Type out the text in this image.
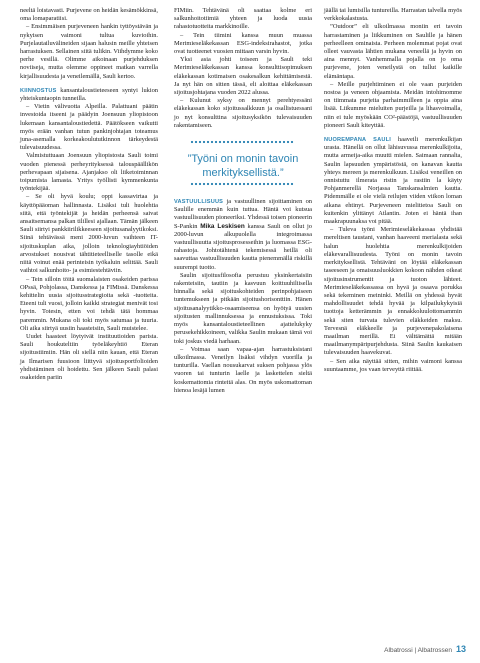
neeltä loistavasti. Purjevene on heidän kesämökkinsä, oma lomaparatiisi.

– Ensimmäisen purjeveneen hankin tyttöystävän ja nykyisen vaimoni tultua kuvioihin. Purjelautailuvälineiden sijaan halusin meille yhteisen harrastuksen. Sellainen siitä tulikin. Viihdymme koko perhe vesillä. Olimme aikoinaan purjehduksen noviiseja, mutta olemme oppineet matkan varrella kirjallisuudesta ja veneilemällä, Sauli kertoo.

KIINNOSTUS kansantaloustieteeseen syntyi lukion yhteiskuntaopin tunneilla.

– Vietin välivuotta Alpeilla. Palattuani päätin investoida itseeni ja päädyin Joensuun yliopistoon lukemaan kansantaloustiedettä. Päätökseen vaikutti myös erään vanhan tutun pankinjohtajan toteamus juna-asemalla korkeakoulututkinnon tärkeydestä tulevaisuudessa.

Valmistuttuaan Joensuun yliopistosta Sauli toimi vuoden pienessä perheyrityksessä talouspäällikön perhevapaan sijaisena. Ajanjakso oli liiketoiminnan toipumista lamasta. Yritys työllisti kymmenkunta työntekijää.

– Se oli hyvä koulu; oppi kassavirtaa ja käyttöpääoman hallinnasta. Lisäksi tuli huolehtia siitä, että työntekijät ja heidän perheensä saivat ansaitsemansa palkan tilillesi ajallaan. Tämän jälkeen Sauli siirtyi pankkiirilikkeeseen sijoitusanalyytikoksi. Siinä tehtävässä meni 2000-luvun vaihteen IT-sijoituskuplan aika, jolloin teknologiayhtiöiden arvostukset nousivat tähtitieteelliselle tasolle eikä niitä voinut enää perinteisin työkaluin selittää. Sauli vaihtoi salkunhoito- ja esimiestehtäviin.

– Tein silloin töitä suomalaisten osakeiden parissa OPssä, Pohjolassa, Danskessa ja FIMissä. Danskessa kehittelin uusia sijoitusstrategioita sekä -tuotteita. Eteeni tuli vuosi, jolloin kaikki strategiat menivät tosi hyvin. Totesin, etten voi tehdä tätä hommaa paremmin. Mukana oli toki myös satumaa ja tuuria. Oli aika siirtyä uusiin haasteisiin, Sauli muistelee.

Uudet haasteet löytyivät instituutioiden parista. Sauli houkuteltiin työeläkeyhtiö Eteran sijoitustiimiin. Hän oli siellä niin kauan, että Eteran ja Ilmarisen fuusioon liittyvä sijoitusportfolioiden yhdistäminen oli hoidettu. Sen jälkeen Sauli palasi osakeiden pariin

FIMiin. Tehtävänä oli saattaa kolme eri salkunhoitotiimiä yhteen ja luoda uusia rahastotuotteita markkinoille.

– Tein tiimini kanssa muun muassa Merimieseläkekassan ESG-indeksirahastot, jotka ovat tuotteenet vuosien mittaan varsin hyvin.

Yksi asia johti toiseen ja Sauli teki Merimieseläkekassan kanssa konsulttisopimuksen eläkekassan kotimaisen osakesalkun kehittämisestä. Ja nyt hän on sitten tässä, eli aloittaa eläkekassan sijoitusjohtajana vuoden 2022 alussa.

– Kulunut syksy on mennyt perehtyessäni eläkekassan koko sijoitussalkkuun ja osallistuessani jo nyt konsulttina sijoitusyksikön tulevaisuuden rakentamiseen.

”Työni on monin tavoin merkityksellistä.”

VASTUULLISUUS ja vastuullinen sijoittaminen on Saulille enemmän kuin tuttua. Häntä voi kutsua vastuullisuuden pioneeriksi. Yhdessä toisen pioneerin S-Pankin Mika Leskisen kanssa Sauli on ollut jo 2000-luvun alkupuolella integroimassa vastuullisuutta sijoitusprosesseihin ja luomassa ESG-rahastoja. Johtotähtenä tekemisessä heillä oli saavuttaa vastuullisuuden kautta pienemmällä riskillä suurempi tuotto.

Saulin sijoitusfilosofia perustuu yksinkertaisiin rakenteisiin, tautiin ja kasvuun koittuuhiliisella hinnalla sekä sijoituskohteiden perinpohjaiseen tuntemukseen ja pitkään sijoitushorisonttiin. Hänen sijoitusanalyytikko-osaamiseensa on hyötyä uusien sijoitusten mallinnuksessa ja ennustuksissa. Toki myös kansantaloustieteellinen ajattelukyky perusekehikkoineen, valikka Saulin mukaan tämä voi toki joskus viedä harhaan.

– Voimaa saan vapaa-ajan harrastuksistani ulkoilmassa. Veneilyn lisäksi vihdyn vuorilla ja tunturilla. Vaellan nousukarvat suksen pohjassa ylös vuoren tai tunturin laelle ja laskettelen sieltä koskemattomia rinteitä alas. On myös uskomattoman hienoa lesäjä lumen

jäällä tai lumisilla tuntureilla. Harrastan talvella myös verkkokalastusta.

”Outdoor” eli ulkoilmassa moniin eri tavoin harrastaminen ja liikkuminen on Saulille ja hänen perheelleen ominaista. Perheen molemmat pojat ovat olleet vauvasta lähtien mukana veneellä ja hyvin on aina mennyt. Vanhemmalla pojalla on jo oma purjevene, joten veneilystä on tullut kaikille elämäntapa.

– Meille purjehtiminen ei ole vaan purjeiden nostoa ja veneen ohjaamista. Meidän intohimomme on tiimmata purjeita parhaimmilleen ja oppia aina lisää. Liikumme mieluiten purjeilla ja lihasvoimalla, niin ei tule myöskään CO²-päästöjä, vastuullisuuden pioneeri Sauli kiteyttää.

NUOREMPANA SAULI haaveili merenkulkijan urasta. Hänellä on ollut lähisuvussa merenkulkijoita, mutta armeija-aika muutti mielen. Saimaan rannalta, Saulin lapsuuden ympäristöstä, on kanavan kautta yhteys mereen ja merenkulkuun. Lisäksi veneillen on onnistuttu ilmerata ristin ja rastiin la käyty Pohjanmerellä Norjassa Tanskansalmien kautta. Pidemmälle ei ole vielä reilujen viiden viikon loman aikana ehtinyt. Purjeveneen mielitietoa Sauli on kuitenkin ylittänyt Atlantin. Joten ei häntä ihan maakrapuunaksa voi pitää.

– Tuleva työni Merimieseläkekassaa yhdistää mereltisen taustani, vanhan haaveeni merialasta sekä halun huolehtia merenkulkijoiden eläkevarallisuudesta. Työni on monin tavoin merkityksellistä. Tehtäväni on löytää eläkekassan taseeseen ja omaisuusluokkien kokoon nähden oikeat sijoitusinstrumentit ja tuoton lähteet. Merimieseläkekassassa on hyvä ja osaava porukka sekä tekeminen meininki. Meillä on yhdessä hyvät mahdollisuudet tehdä hyvää ja kilpailukykyisiä tuottoja ketterämmin ja ennakkoluulottomammin sekä siten turvata tulevien eläkkeiden maksu. Tervesnä eläkkeelle ja purjevenepakolaisena maailman merillä. Ei välttämättä mitään maailmanympäripurjehdusta. Siinä Saulin kaukaisen tulevaisuuden haavekuvat.

– Sen aika näyttää sitten, mihin vaimoni kanssa suuntaamme, jos vaan terveyttä riittää.

Albatrossi | Albatrossen 13
